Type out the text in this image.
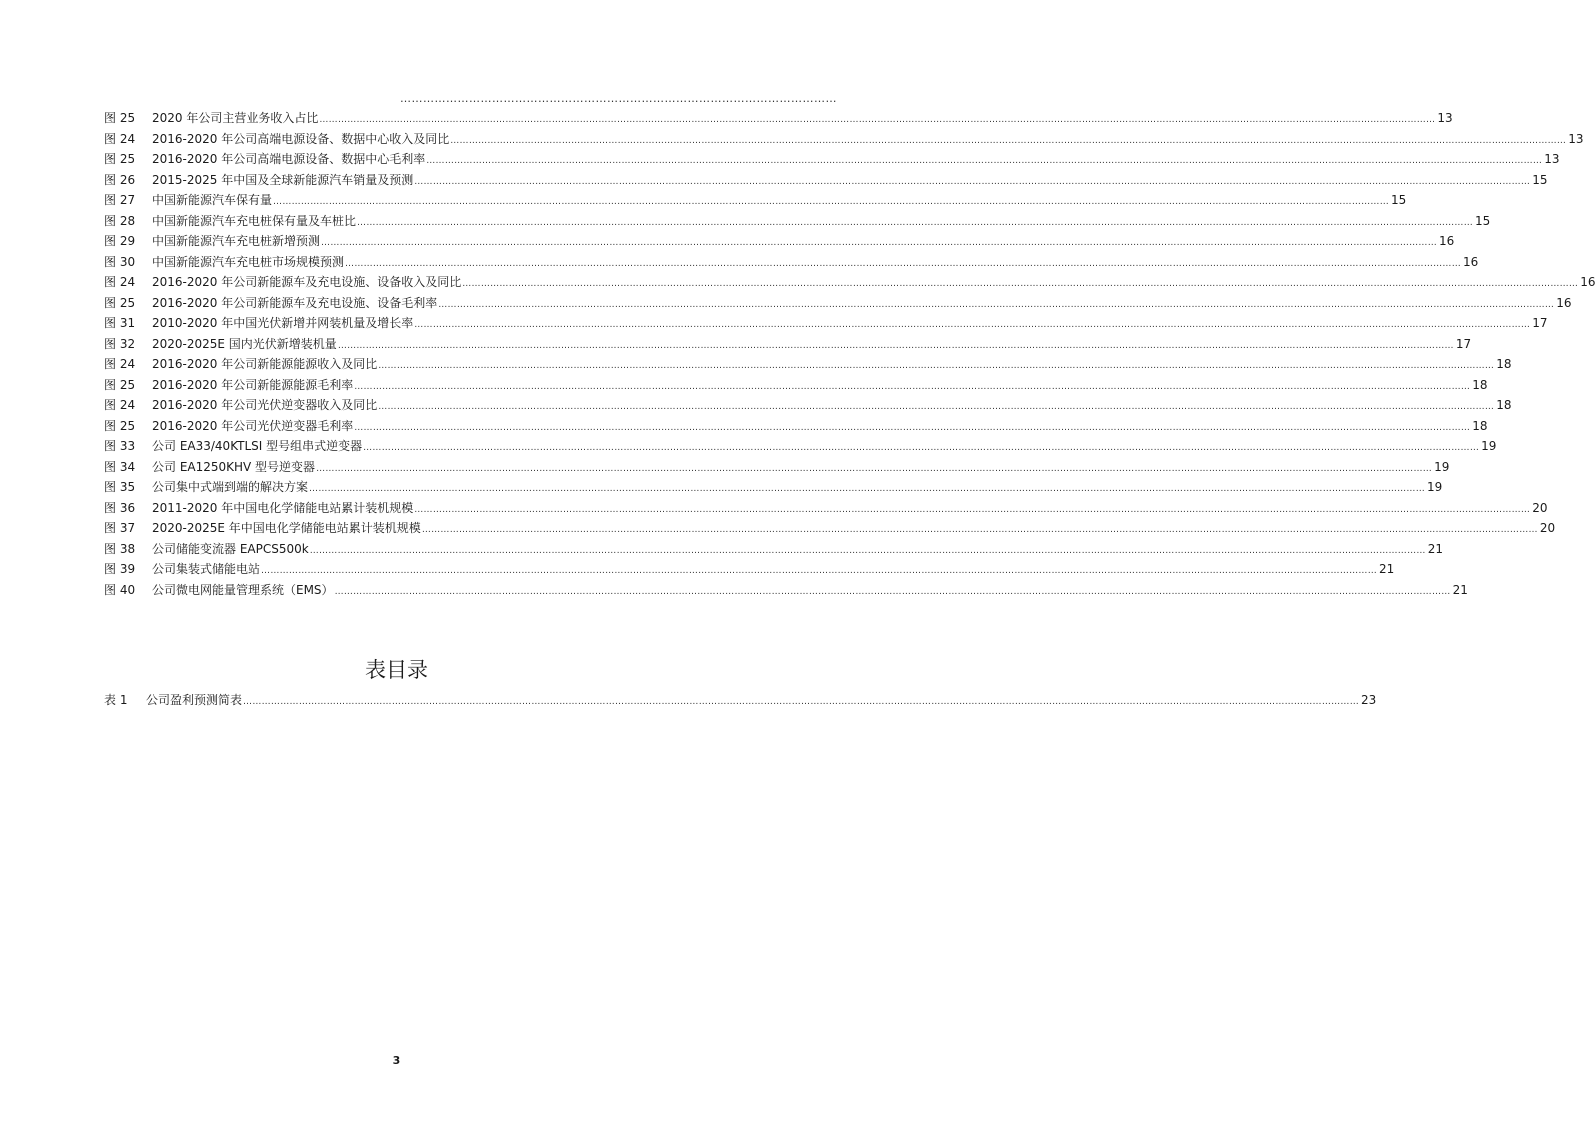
……………………………………………………………………………………………………
图 25	2020 年公司主营业务收入占比 ……………………………………………………………………………………………………………………………………………………………………………………………………………………………………………………………………………………………………………………………… 13
图 24	2016-2020 年公司高端电源设备、数据中心收入及同比 ……………………………………………………………………………………………………………………………………………………………………………………………………………………………………………………………………………………………………………………………… 13
图 25	2016-2020 年公司高端电源设备、数据中心毛利率 ……………………………………………………………………………………………………………………………………………………………………………………………………………………………………………………………………………………………………………………………… 13
图 26	2015-2025 年中国及全球新能源汽车销量及预测 ……………………………………………………………………………………………………………………………………………………………………………………………………………………………………………………………………………………………………………………………… 15
图 27	中国新能源汽车保有量 ……………………………………………………………………………………………………………………………………………………………………………………………………………………………………………………………………………………………………………………………… 15
图 28	中国新能源汽车充电桩保有量及车桩比 ……………………………………………………………………………………………………………………………………………………………………………………………………………………………………………………………………………………………………………………………… 15
图 29	中国新能源汽车充电桩新增预测 ……………………………………………………………………………………………………………………………………………………………………………………………………………………………………………………………………………………………………………………………… 16
图 30	中国新能源汽车充电桩市场规模预测 ……………………………………………………………………………………………………………………………………………………………………………………………………………………………………………………………………………………………………………………………… 16
图 24	2016-2020 年公司新能源车及充电设施、设备收入及同比 ……………………………………………………………………………………………………………………………………………………………………………………………………………………………………………………………………………………………………………………………… 16
图 25	2016-2020 年公司新能源车及充电设施、设备毛利率 ……………………………………………………………………………………………………………………………………………………………………………………………………………………………………………………………………………………………………………………………… 16
图 31	2010-2020 年中国光伏新增并网装机量及增长率 ……………………………………………………………………………………………………………………………………………………………………………………………………………………………………………………………………………………………………………………………… 17
图 32	2020-2025E 国内光伏新增装机量 ……………………………………………………………………………………………………………………………………………………………………………………………………………………………………………………………………………………………………………………………… 17
图 24	2016-2020 年公司新能源能源收入及同比 ……………………………………………………………………………………………………………………………………………………………………………………………………………………………………………………………………………………………………………………………… 18
图 25	2016-2020 年公司新能源能源毛利率 ……………………………………………………………………………………………………………………………………………………………………………………………………………………………………………………………………………………………………………………………… 18
图 24	2016-2020 年公司光伏逆变器收入及同比 ……………………………………………………………………………………………………………………………………………………………………………………………………………………………………………………………………………………………………………………………… 18
图 25	2016-2020 年公司光伏逆变器毛利率 ……………………………………………………………………………………………………………………………………………………………………………………………………………………………………………………………………………………………………………………………… 18
图 33	公司 EA33/40KTLSI 型号组串式逆变器 ……………………………………………………………………………………………………………………………………………………………………………………………………………………………………………………………………………………………………………………………… 19
图 34	公司 EA1250KHV 型号逆变器 ……………………………………………………………………………………………………………………………………………………………………………………………………………………………………………………………………………………………………………………………… 19
图 35	公司集中式端到端的解决方案 ……………………………………………………………………………………………………………………………………………………………………………………………………………………………………………………………………………………………………………………………… 19
图 36	2011-2020 年中国电化学储能电站累计装机规模 ……………………………………………………………………………………………………………………………………………………………………………………………………………………………………………………………………………………………………………………………… 20
图 37	2020-2025E 年中国电化学储能电站累计装机规模 ……………………………………………………………………………………………………………………………………………………………………………………………………………………………………………………………………………………………………………………………… 20
图 38	公司储能变流器 EAPCS500k ……………………………………………………………………………………………………………………………………………………………………………………………………………………………………………………………………………………………………………………………… 21
图 39	公司集装式储能电站 ……………………………………………………………………………………………………………………………………………………………………………………………………………………………………………………………………………………………………………………………… 21
图 40	公司微电网能量管理系统（EMS） ……………………………………………………………………………………………………………………………………………………………………………………………………………………………………………………………………………………………………………………………… 21
表目录
表 1	公司盈利预测简表 ……………………………………………………………………………………………………………………………………………………………………………………………………………………………………………………………………………………………………………………………… 23
3
